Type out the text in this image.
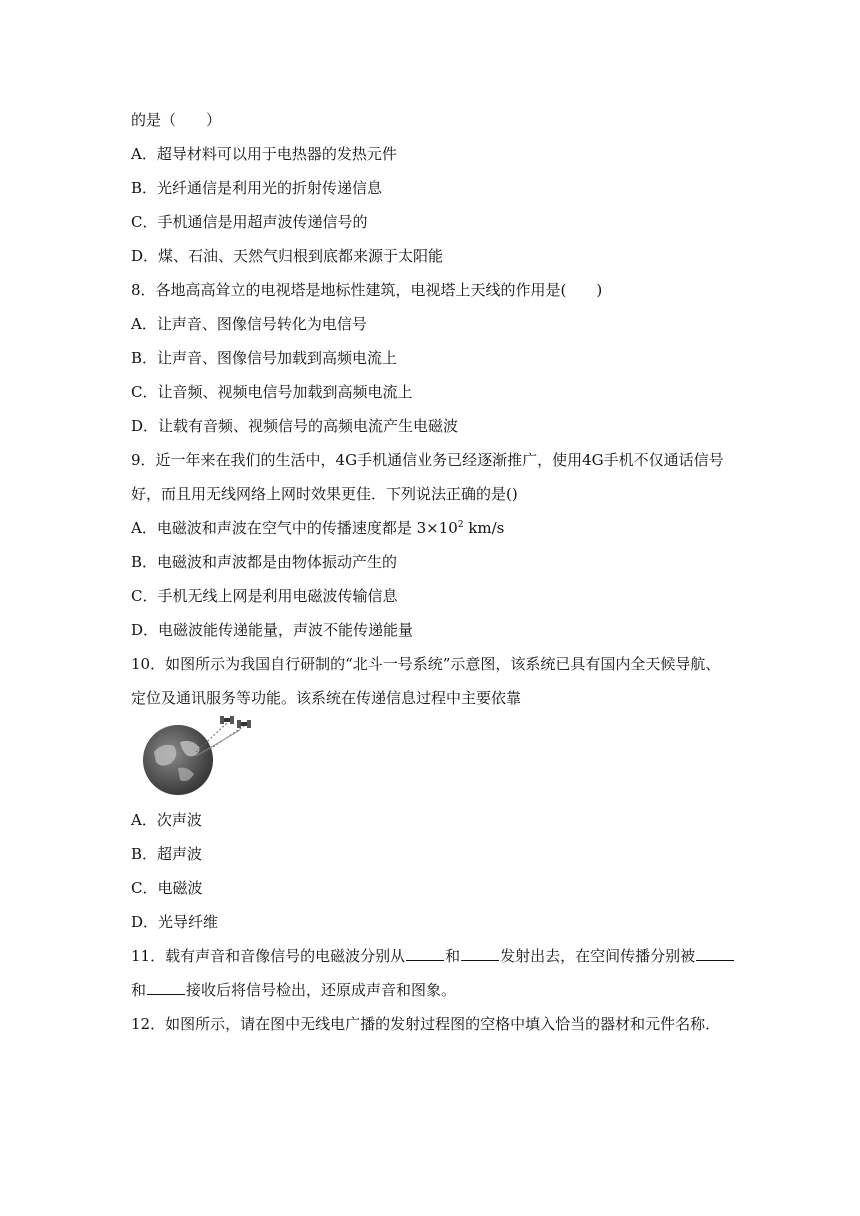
的是（　　）
A．超导材料可以用于电热器的发热元件
B．光纤通信是利用光的折射传递信息
C．手机通信是用超声波传递信号的
D．煤、石油、天然气归根到底都来源于太阳能
8．各地高高耸立的电视塔是地标性建筑，电视塔上天线的作用是(　　)
A．让声音、图像信号转化为电信号
B．让声音、图像信号加载到高频电流上
C．让音频、视频电信号加载到高频电流上
D．让载有音频、视频信号的高频电流产生电磁波
9．近一年来在我们的生活中，4G手机通信业务已经逐渐推广，使用4G手机不仅通话信号
好，而且用无线网络上网时效果更佳．下列说法正确的是()
A．电磁波和声波在空气中的传播速度都是 $3\times 10^2$ km/s
B．电磁波和声波都是由物体振动产生的
C．手机无线上网是利用电磁波传输信息
D．电磁波能传递能量，声波不能传递能量
10．如图所示为我国自行研制的“北斗一号系统”示意图，该系统已具有国内全天候导航、
定位及通讯服务等功能。该系统在传递信息过程中主要依靠
A．次声波
B．超声波
C．电磁波
D．光导纤维
11．载有声音和音像信号的电磁波分别从	和	发射出去，在空间传播分别被
和	接收后将信号检出，还原成声音和图象。
12．如图所示，请在图中无线电广播的发射过程图的空格中填入恰当的器材和元件名称．
